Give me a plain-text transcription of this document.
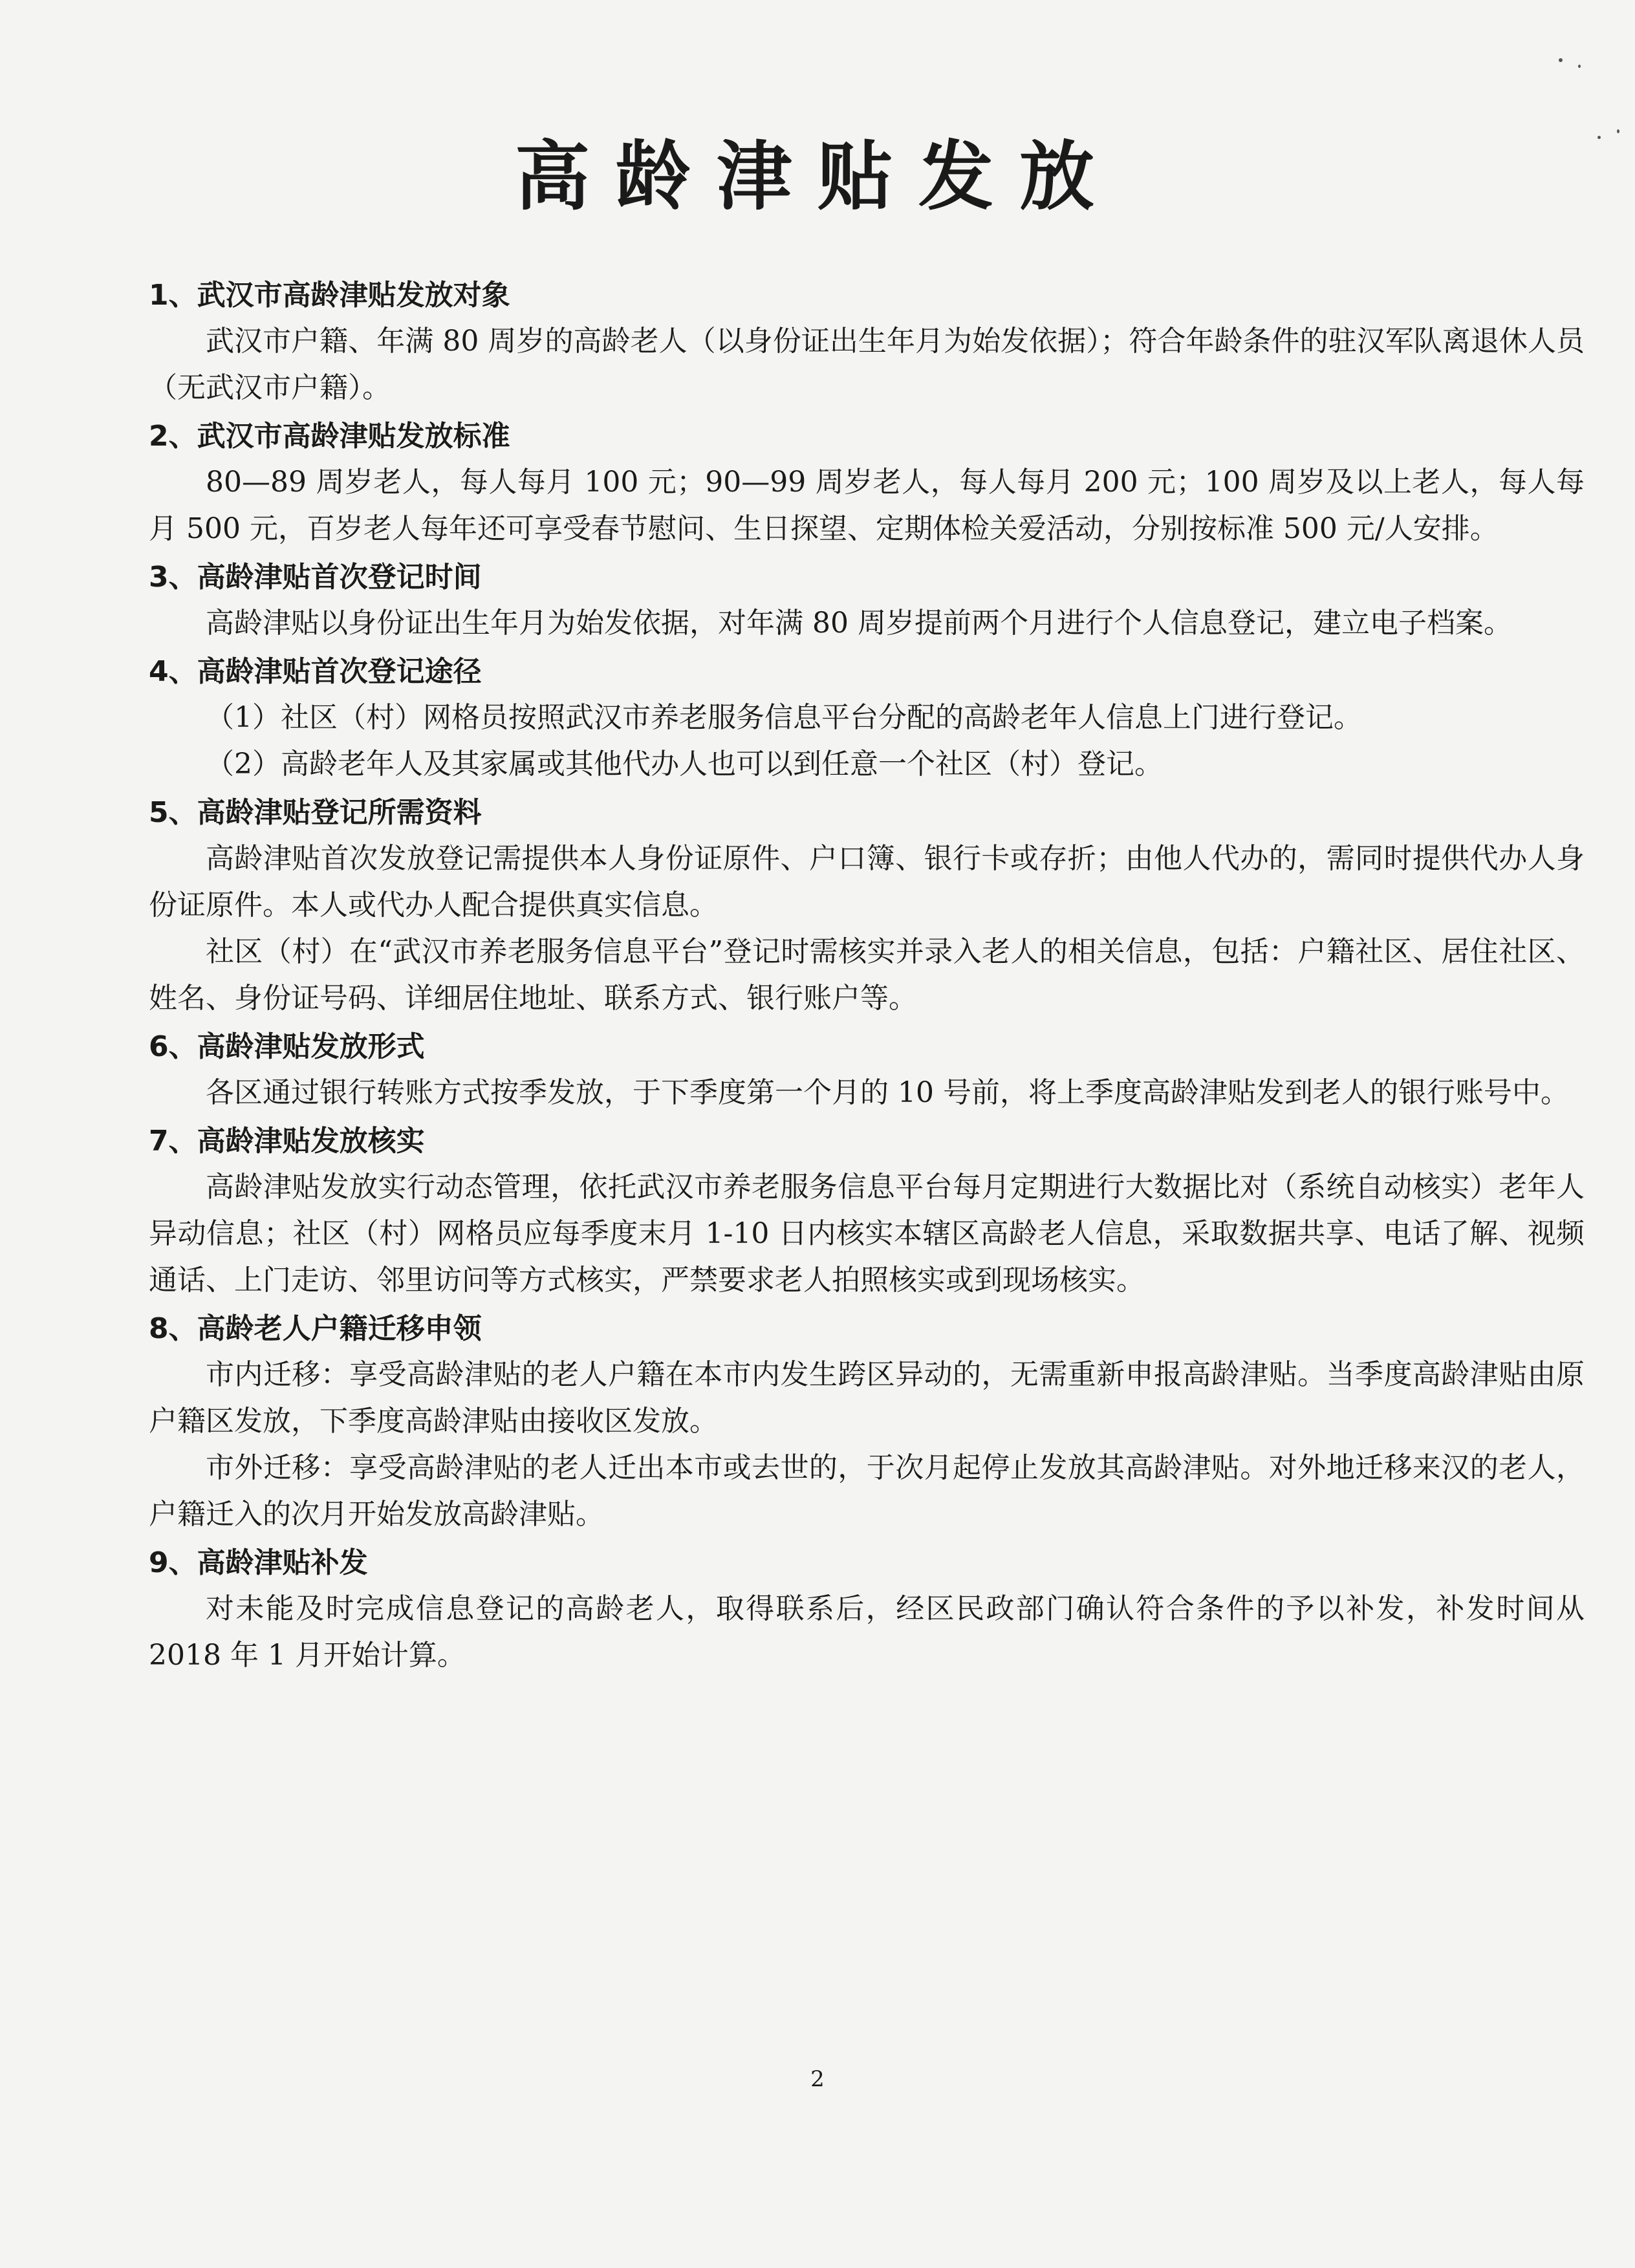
高龄津贴发放
1、武汉市高龄津贴发放对象

武汉市户籍、年满 80 周岁的高龄老人（以身份证出生年月为始发依据）；符合年龄条件的驻汉军队离退休人员（无武汉市户籍）。

2、武汉市高龄津贴发放标准

80—89 周岁老人，每人每月 100 元；90—99 周岁老人，每人每月 200 元；100 周岁及以上老人，每人每月 500 元，百岁老人每年还可享受春节慰问、生日探望、定期体检关爱活动，分别按标准 500 元/人安排。

3、高龄津贴首次登记时间

高龄津贴以身份证出生年月为始发依据，对年满 80 周岁提前两个月进行个人信息登记，建立电子档案。

4、高龄津贴首次登记途径

（1）社区（村）网格员按照武汉市养老服务信息平台分配的高龄老年人信息上门进行登记。

（2）高龄老年人及其家属或其他代办人也可以到任意一个社区（村）登记。

5、高龄津贴登记所需资料

高龄津贴首次发放登记需提供本人身份证原件、户口簿、银行卡或存折；由他人代办的，需同时提供代办人身份证原件。本人或代办人配合提供真实信息。

社区（村）在“武汉市养老服务信息平台”登记时需核实并录入老人的相关信息，包括：户籍社区、居住社区、姓名、身份证号码、详细居住地址、联系方式、银行账户等。

6、高龄津贴发放形式

各区通过银行转账方式按季发放，于下季度第一个月的 10 号前，将上季度高龄津贴发到老人的银行账号中。

7、高龄津贴发放核实

高龄津贴发放实行动态管理，依托武汉市养老服务信息平台每月定期进行大数据比对（系统自动核实）老年人异动信息；社区（村）网格员应每季度末月 1-10 日内核实本辖区高龄老人信息，采取数据共享、电话了解、视频通话、上门走访、邻里访问等方式核实，严禁要求老人拍照核实或到现场核实。

8、高龄老人户籍迁移申领

市内迁移：享受高龄津贴的老人户籍在本市内发生跨区异动的，无需重新申报高龄津贴。当季度高龄津贴由原户籍区发放，下季度高龄津贴由接收区发放。

市外迁移：享受高龄津贴的老人迁出本市或去世的，于次月起停止发放其高龄津贴。对外地迁移来汉的老人，户籍迁入的次月开始发放高龄津贴。

9、高龄津贴补发

对未能及时完成信息登记的高龄老人，取得联系后，经区民政部门确认符合条件的予以补发，补发时间从 2018 年 1 月开始计算。

2
